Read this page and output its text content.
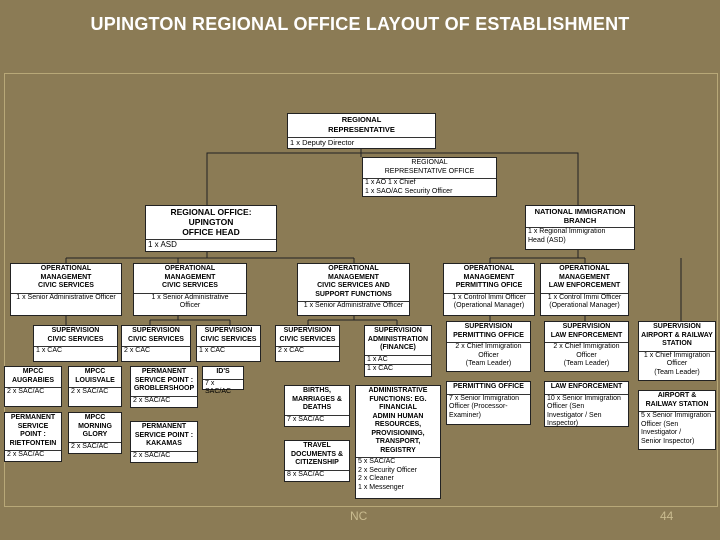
UPINGTON REGIONAL OFFICE LAYOUT OF ESTABLISHMENT
REGIONAL
REPRESENTATIVE
1 x Deputy Director
REGIONAL
REPRESENTATIVE OFFICE
1 x AO 1 x Chief
1 x SAO/AC Security Officer
REGIONAL OFFICE:
UPINGTON
OFFICE HEAD
1 x ASD
NATIONAL IMMIGRATION
BRANCH
1 x Regional Immigration
Head (ASD)
OPERATIONAL
MANAGEMENT
CIVIC SERVICES
1 x Senior Administrative Officer
OPERATIONAL
MANAGEMENT
CIVIC SERVICES
1 x Senior Administrative
Officer
OPERATIONAL
MANAGEMENT
CIVIC SERVICES AND
SUPPORT FUNCTIONS
1 x Senior Administrative Officer
OPERATIONAL
MANAGEMENT
PERMITTING OFICE
1 x Control Immi Officer
(Operational Manager)
OPERATIONAL
MANAGEMENT
LAW ENFORCEMENT
1 x Control Immi Officer
(Operational Manager)
SUPERVISION
CIVIC SERVICES
1 x CAC
SUPERVISION
CIVIC SERVICES
2 x CAC
SUPERVISION
CIVIC SERVICES
1 x CAC
SUPERVISION
CIVIC SERVICES
2 x CAC
SUPERVISION
ADMINISTRATION
(FINANCE)
1 x AC
1 x CAC
SUPERVISION
PERMITTING OFFICE
2 x Chief Immigration
Officer
(Team Leader)
SUPERVISION
LAW ENFORCEMENT
2 x Chief Immigration
Officer
(Team Leader)
SUPERVISION
AIRPORT & RAILWAY
STATION
1 x Chief Immigration
Officer
(Team Leader)
MPCC
AUGRABIES
2 x SAC/AC
MPCC
LOUISVALE
2 x SAC/AC
PERMANENT
SERVICE POINT :
GROBLERSHOOP
2 x SAC/AC
ID'S
7 x SAC/AC
PERMANENT
SERVICE
POINT :
RIETFONTEIN
2 x SAC/AC
MPCC
MORNING
GLORY
2 x SAC/AC
PERMANENT
SERVICE POINT :
KAKAMAS
2 x SAC/AC
BIRTHS,
MARRIAGES &
DEATHS
7 x SAC/AC
TRAVEL
DOCUMENTS &
CITIZENSHIP
8 x SAC/AC
ADMINISTRATIVE
FUNCTIONS: EG.
FINANCIAL
ADMIN HUMAN
RESOURCES,
PROVISIONING,
TRANSPORT,
REGISTRY
5 x SAC/AC
2 x Security Officer
2 x Cleaner
1 x Messenger
PERMITTING OFFICE
7 x Senior Immigration
Officer (Processor-
Examiner)
LAW ENFORCEMENT
10 x Senior Immigration
Officer (Sen
Investigator / Sen
Inspector)
AIRPORT &
RAILWAY STATION
5 x Senior Immigration
Officer (Sen
Investigator /
Senior Inspector)
NC	44
